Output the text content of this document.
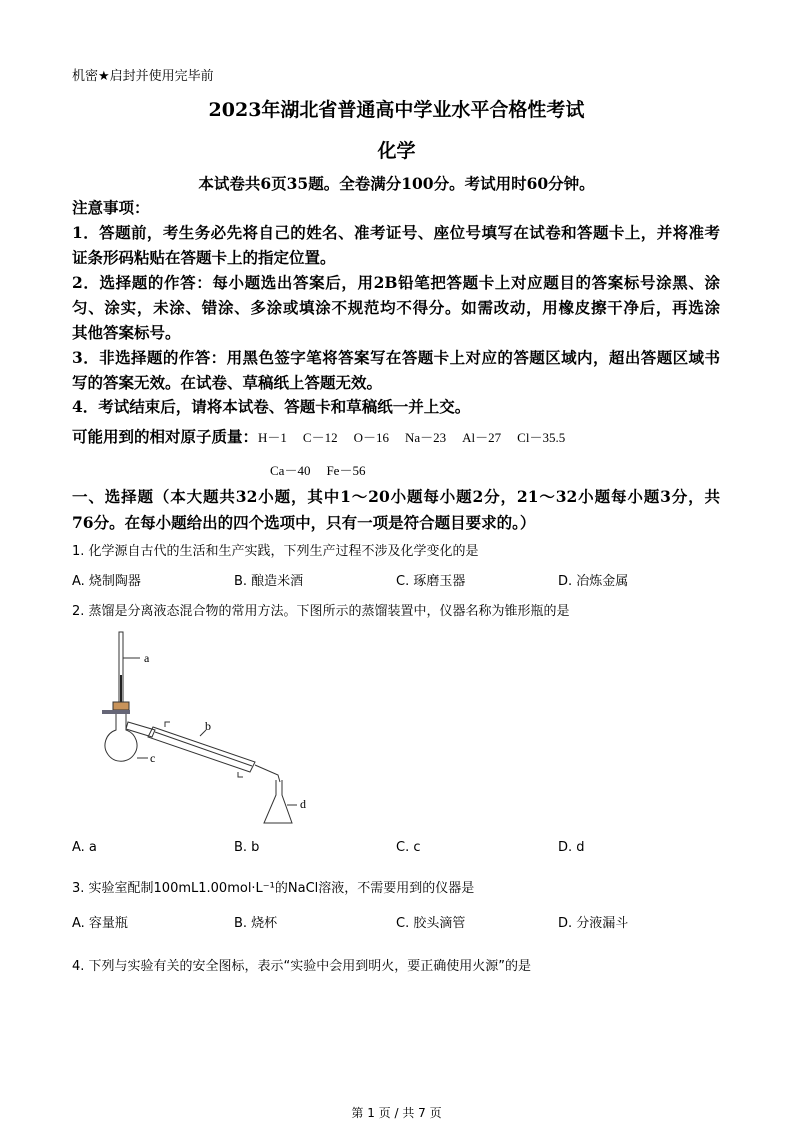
机密★启封并使用完毕前
2023年湖北省普通高中学业水平合格性考试
化学
本试卷共6页35题。全卷满分100分。考试用时60分钟。
注意事项：
1．答题前，考生务必先将自己的姓名、准考证号、座位号填写在试卷和答题卡上，并将准考
证条形码粘贴在答题卡上的指定位置。
2．选择题的作答：每小题选出答案后，用2B铅笔把答题卡上对应题目的答案标号涂黑、涂
匀、涂实，未涂、错涂、多涂或填涂不规范均不得分。如需改动，用橡皮擦干净后，再选涂
其他答案标号。
3．非选择题的作答：用黑色签字笔将答案写在答题卡上对应的答题区域内，超出答题区域书
写的答案无效。在试卷、草稿纸上答题无效。
4．考试结束后，请将本试卷、答题卡和草稿纸一并上交。
可能用到的相对原子质量：H－1 C－12 O－16 Na－23 Al－27 Cl－35.5
Ca－40 Fe－56
一、选择题（本大题共32小题，其中1～20小题每小题2分，21～32小题每小题3分，共
76分。在每小题给出的四个选项中，只有一项是符合题目要求的。）
1. 化学源自古代的生活和生产实践，下列生产过程不涉及化学变化的是
A. 烧制陶器	B. 酿造米酒	C. 琢磨玉器	D. 冶炼金属
2. 蒸馏是分离液态混合物的常用方法。下图所示的蒸馏装置中，仪器名称为锥形瓶的是
a
c
b
d
A. a	B. b	C. c	D. d
3. 实验室配制100mL1.00mol·L⁻¹的NaCl溶液，不需要用到的仪器是
A. 容量瓶	B. 烧杯	C. 胶头滴管	D. 分液漏斗
4. 下列与实验有关的安全图标，表示“实验中会用到明火，要正确使用火源”的是
第 1 页 / 共 7 页
